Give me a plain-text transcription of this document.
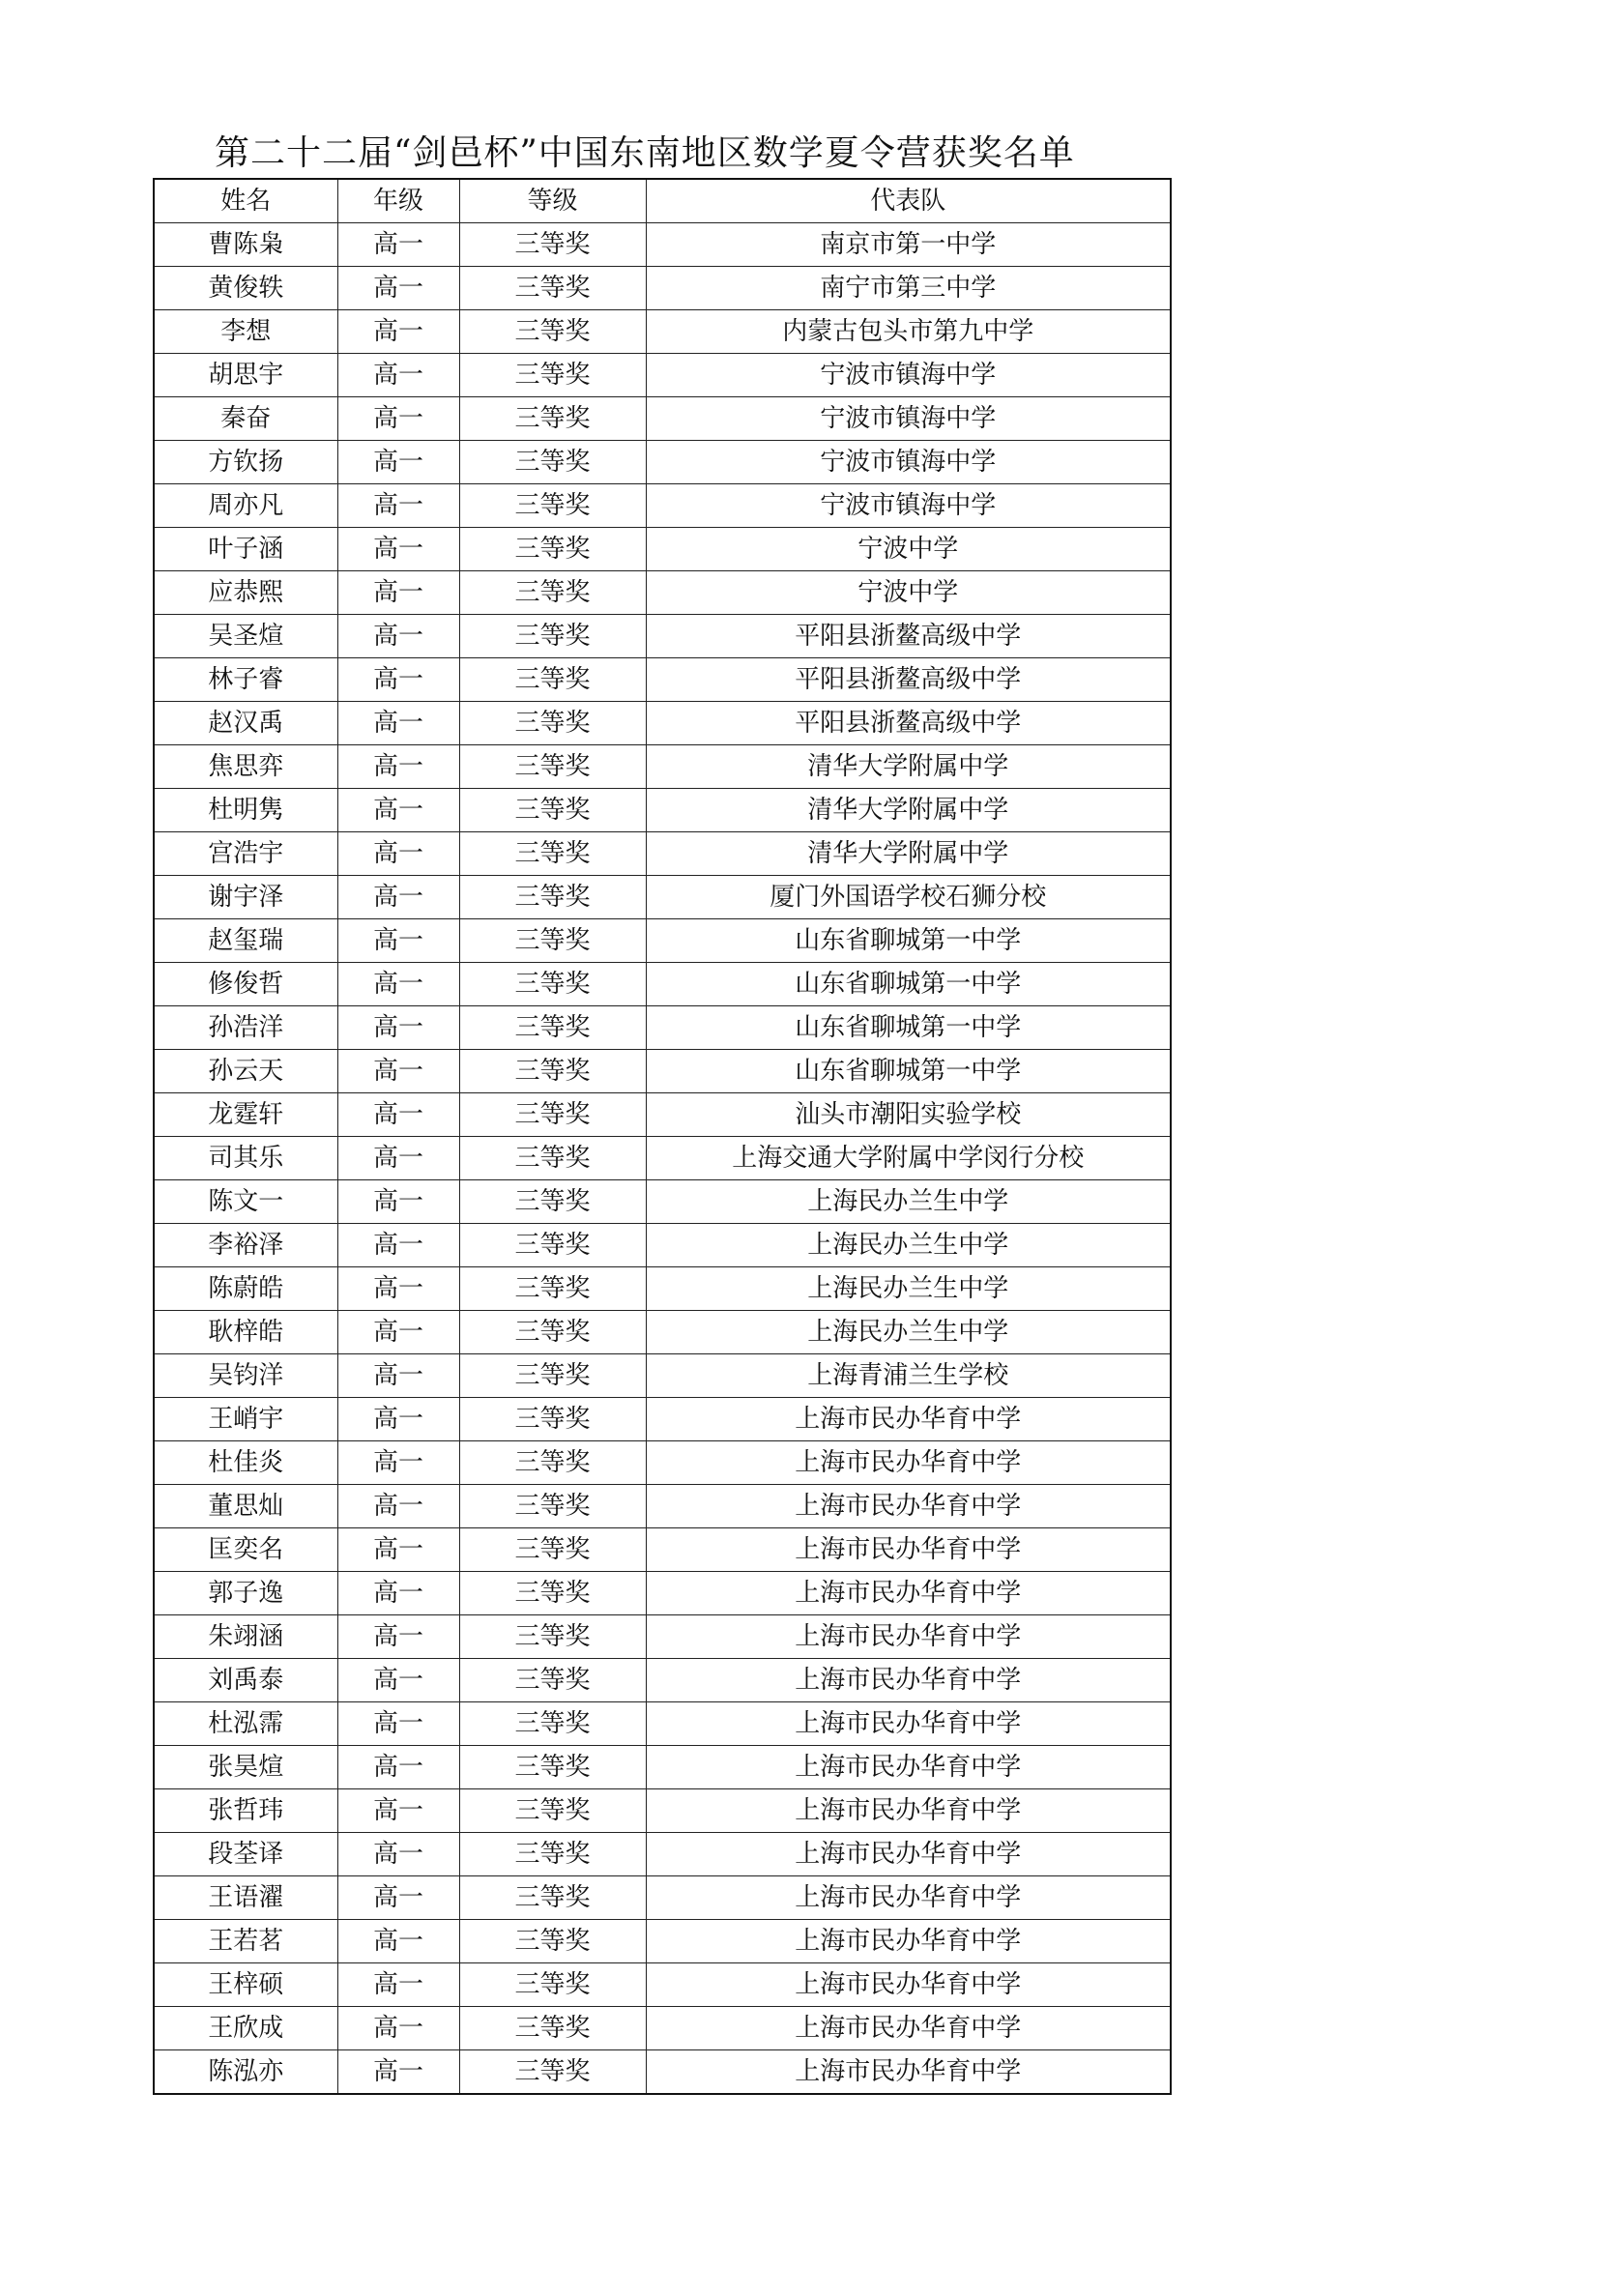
第二十二届“剑邑杯”中国东南地区数学夏令营获奖名单
姓名	年级	等级	代表队
曹陈枭	高一	三等奖	南京市第一中学
黄俊轶	高一	三等奖	南宁市第三中学
李想	高一	三等奖	内蒙古包头市第九中学
胡思宇	高一	三等奖	宁波市镇海中学
秦奋	高一	三等奖	宁波市镇海中学
方钦扬	高一	三等奖	宁波市镇海中学
周亦凡	高一	三等奖	宁波市镇海中学
叶子涵	高一	三等奖	宁波中学
应恭熙	高一	三等奖	宁波中学
吴圣煊	高一	三等奖	平阳县浙鳌高级中学
林子睿	高一	三等奖	平阳县浙鳌高级中学
赵汉禹	高一	三等奖	平阳县浙鳌高级中学
焦思弈	高一	三等奖	清华大学附属中学
杜明隽	高一	三等奖	清华大学附属中学
宫浩宇	高一	三等奖	清华大学附属中学
谢宇泽	高一	三等奖	厦门外国语学校石狮分校
赵玺瑞	高一	三等奖	山东省聊城第一中学
修俊哲	高一	三等奖	山东省聊城第一中学
孙浩洋	高一	三等奖	山东省聊城第一中学
孙云天	高一	三等奖	山东省聊城第一中学
龙霆轩	高一	三等奖	汕头市潮阳实验学校
司其乐	高一	三等奖	上海交通大学附属中学闵行分校
陈文一	高一	三等奖	上海民办兰生中学
李裕泽	高一	三等奖	上海民办兰生中学
陈蔚皓	高一	三等奖	上海民办兰生中学
耿梓皓	高一	三等奖	上海民办兰生中学
吴钧洋	高一	三等奖	上海青浦兰生学校
王峭宇	高一	三等奖	上海市民办华育中学
杜佳炎	高一	三等奖	上海市民办华育中学
董思灿	高一	三等奖	上海市民办华育中学
匡奕名	高一	三等奖	上海市民办华育中学
郭子逸	高一	三等奖	上海市民办华育中学
朱翊涵	高一	三等奖	上海市民办华育中学
刘禹泰	高一	三等奖	上海市民办华育中学
杜泓霈	高一	三等奖	上海市民办华育中学
张昊煊	高一	三等奖	上海市民办华育中学
张哲玮	高一	三等奖	上海市民办华育中学
段荃译	高一	三等奖	上海市民办华育中学
王语濯	高一	三等奖	上海市民办华育中学
王若茗	高一	三等奖	上海市民办华育中学
王梓硕	高一	三等奖	上海市民办华育中学
王欣成	高一	三等奖	上海市民办华育中学
陈泓亦	高一	三等奖	上海市民办华育中学
